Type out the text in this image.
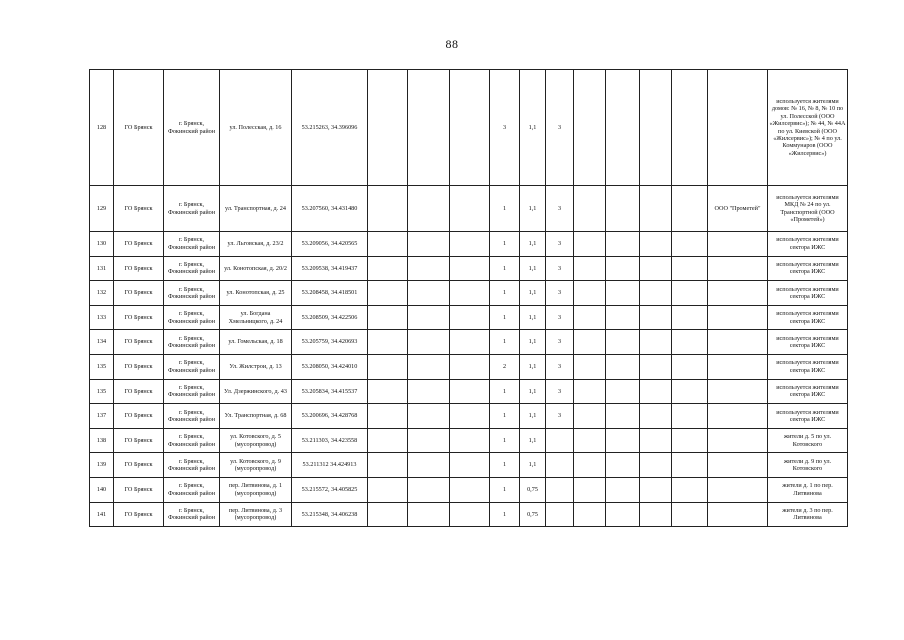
88
128	ГО Брянск	г. Брянск, Фокинский район	ул. Полесская, д. 16	53.215263, 34.396096				3	1,1	3						используется жителями домов: № 16, № 8, № 10 по ул. Полесской (ООО «Жилсервис»); № 44, № 44А по ул. Киевской (ООО «Жилсервис»); № 4 по ул. Коммунаров (ООО «Жилсервис»)
129	ГО Брянск	г. Брянск, Фокинский район	ул. Транспортная, д. 24	53.207560, 34.431480				1	1,1	3					ООО "Прометей"	используется жителями МКД № 24 по ул. Транспортной (ООО «Прометей»)
130	ГО Брянск	г. Брянск, Фокинский район	ул. Льговская, д. 23/2	53.209056, 34.420565				1	1,1	3						используется жителями сектора ИЖС
131	ГО Брянск	г. Брянск, Фокинский район	ул. Конотопская, д. 20/2	53.209538, 34.419437				1	1,1	3						используется жителями сектора ИЖС
132	ГО Брянск	г. Брянск, Фокинский район	ул. Конотопская, д. 25	53.208458, 34.418501				1	1,1	3						используется жителями сектора ИЖС
133	ГО Брянск	г. Брянск, Фокинский район	ул. Богдана Хмельницкого, д. 24	53.208509, 34.422506				1	1,1	3						используется жителями сектора ИЖС
134	ГО Брянск	г. Брянск, Фокинский район	ул. Гомельская, д. 18	53.205759, 34.420693				1	1,1	3						используется жителями сектора ИЖС
135	ГО Брянск	г. Брянск, Фокинский район	Ул. Жилстрои, д. 13	53.208050, 34.424010				2	1,1	3						используется жителями сектора ИЖС
135	ГО Брянск	г. Брянск, Фокинский район	Ул. Дзержинского, д. 43	53.205834, 34.415537				1	1,1	3						используется жителями сектора ИЖС
137	ГО Брянск	г. Брянск, Фокинский район	Ул. Транспортная, д. 68	53.200696, 34.428768				1	1,1	3						используется жителями сектора ИЖС
138	ГО Брянск	г. Брянск, Фокинский район	ул. Котовского, д. 5 (мусоропровод)	53.211303, 34.423558				1	1,1							жители д. 5 по ул. Котовского
139	ГО Брянск	г. Брянск, Фокинский район	ул. Котовского, д. 9 (мусоропровод)	53.211312 34.424913				1	1,1							жители д. 9 по ул. Котовского
140	ГО Брянск	г. Брянск, Фокинский район	пер. Литвинова, д. 1 (мусоропровод)	53.215572, 34.405825				1	0,75							жители д. 1 по пер. Литвинова
141	ГО Брянск	г. Брянск, Фокинский район	пер. Литвинова, д. 3 (мусоропровод)	53.215348, 34.406238				1	0,75							жители д. 3 по пер. Литвинова
